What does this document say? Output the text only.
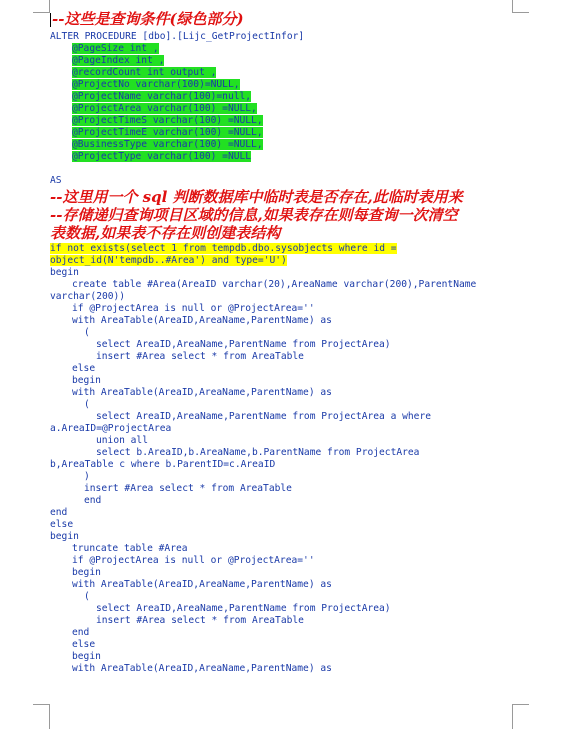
--这些是查询条件(绿色部分)
ALTER PROCEDURE [dbo].[Lijc_GetProjectInfor]
@PageSize int ,
@PageIndex int ,
@recordCount int output ,
@ProjectNo varchar(100)=NULL,
@ProjectName varchar(100)=null,
@ProjectArea varchar(100) =NULL,
@ProjectTimeS varchar(100) =NULL,
@ProjectTimeE varchar(100) =NULL,
@BusinessType varchar(100) =NULL,
@ProjectType varchar(100) =NULL
AS
--这里用一个 sql 判断数据库中临时表是否存在,此临时表用来
--存储递归查询项目区域的信息,如果表存在则每查询一次清空
表数据,如果表不存在则创建表结构
if not exists(select 1 from tempdb.dbo.sysobjects where id =
object_id(N'tempdb..#Area') and type='U')
begin
create table #Area(AreaID varchar(20),AreaName varchar(200),ParentName
varchar(200))
if @ProjectArea is null or @ProjectArea=''
with AreaTable(AreaID,AreaName,ParentName) as
(
select AreaID,AreaName,ParentName from ProjectArea)
insert #Area select * from AreaTable
else
begin
with AreaTable(AreaID,AreaName,ParentName) as
(
select AreaID,AreaName,ParentName from ProjectArea a where
a.AreaID=@ProjectArea
union all
select b.AreaID,b.AreaName,b.ParentName from ProjectArea
b,AreaTable c where b.ParentID=c.AreaID
)
insert #Area select * from AreaTable
end
end
else
begin
truncate table #Area
if @ProjectArea is null or @ProjectArea=''
begin
with AreaTable(AreaID,AreaName,ParentName) as
(
select AreaID,AreaName,ParentName from ProjectArea)
insert #Area select * from AreaTable
end
else
begin
with AreaTable(AreaID,AreaName,ParentName) as
